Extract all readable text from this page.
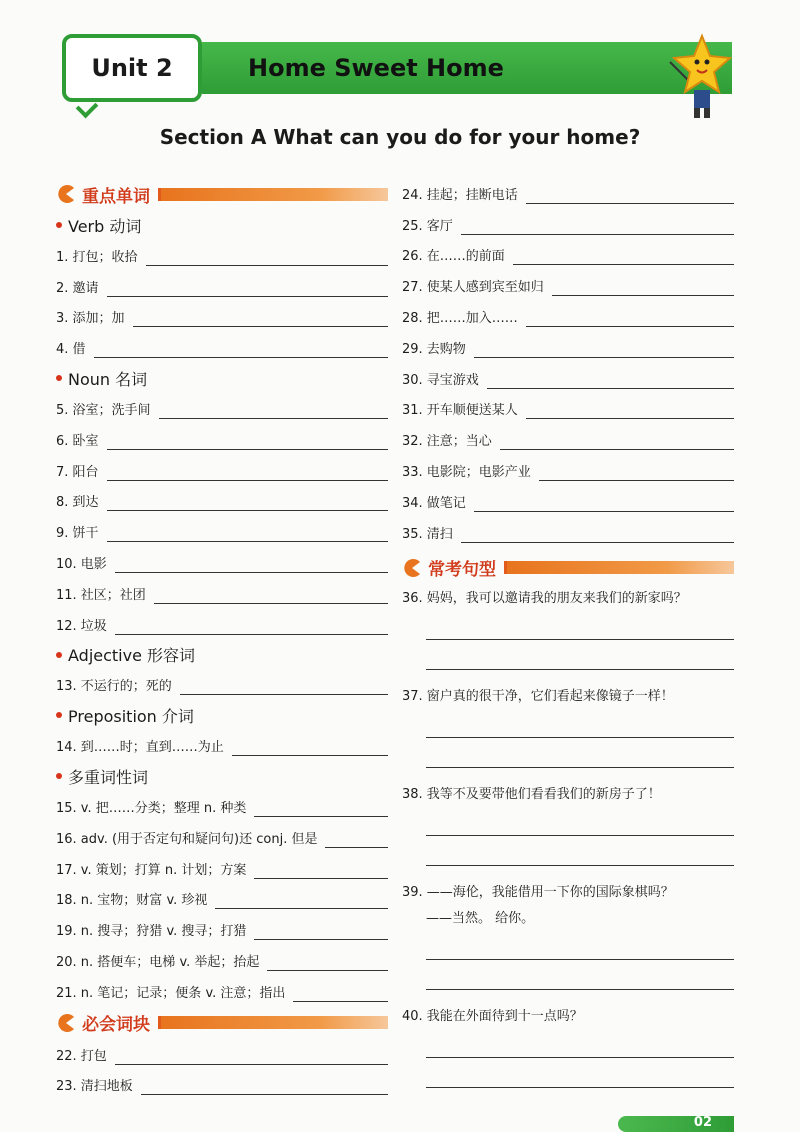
Unit 2	Home Sweet Home
Section A What can you do for your home?
重点单词
Verb 动词
1. 打包；收拾
2. 邀请
3. 添加；加
4. 借
Noun 名词
5. 浴室；洗手间
6. 卧室
7. 阳台
8. 到达
9. 饼干
10. 电影
11. 社区；社团
12. 垃圾
Adjective 形容词
13. 不运行的；死的
Preposition 介词
14. 到……时；直到……为止
多重词性词
15. v. 把……分类；整理 n. 种类
16. adv. (用于否定句和疑问句)还 conj. 但是
17. v. 策划；打算 n. 计划；方案
18. n. 宝物；财富 v. 珍视
19. n. 搜寻；狩猎 v. 搜寻；打猎
20. n. 搭便车；电梯 v. 举起；抬起
21. n. 笔记；记录；便条 v. 注意；指出
必会词块
22. 打包
23. 清扫地板
24. 挂起；挂断电话
25. 客厅
26. 在……的前面
27. 使某人感到宾至如归
28. 把……加入……
29. 去购物
30. 寻宝游戏
31. 开车顺便送某人
32. 注意；当心
33. 电影院；电影产业
34. 做笔记
35. 清扫
常考句型
36. 妈妈，我可以邀请我的朋友来我们的新家吗？
37. 窗户真的很干净，它们看起来像镜子一样！
38. 我等不及要带他们看看我们的新房子了！
39. ——海伦，我能借用一下你的国际象棋吗？
——当然。 给你。
40. 我能在外面待到十一点吗？
02
